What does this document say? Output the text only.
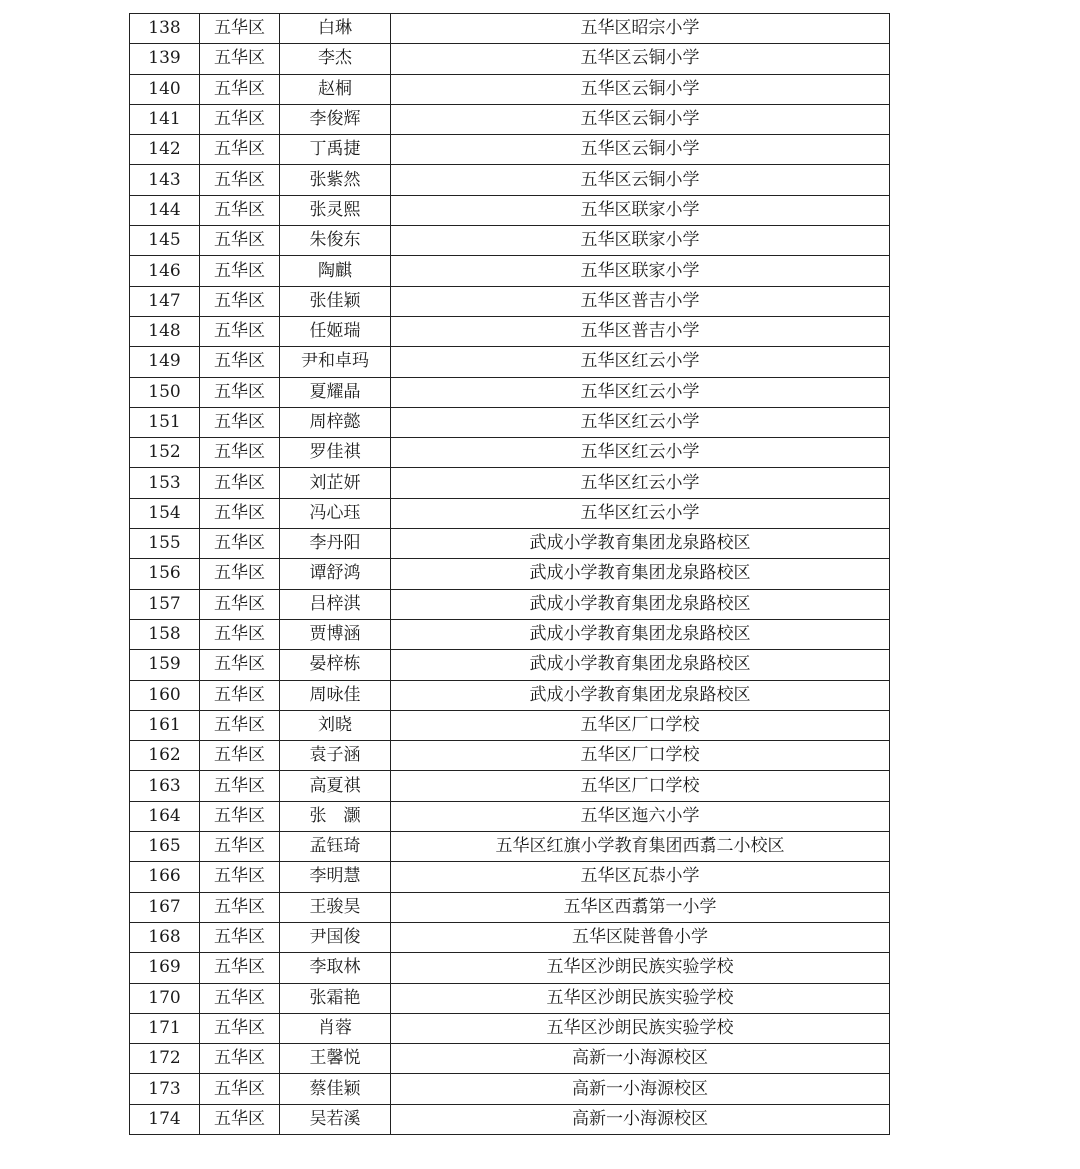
138	五华区	白琳	五华区昭宗小学
139	五华区	李杰	五华区云铜小学
140	五华区	赵桐	五华区云铜小学
141	五华区	李俊辉	五华区云铜小学
142	五华区	丁禹捷	五华区云铜小学
143	五华区	张紫然	五华区云铜小学
144	五华区	张灵熙	五华区联家小学
145	五华区	朱俊东	五华区联家小学
146	五华区	陶麒	五华区联家小学
147	五华区	张佳颖	五华区普吉小学
148	五华区	任姬瑞	五华区普吉小学
149	五华区	尹和卓玛	五华区红云小学
150	五华区	夏耀晶	五华区红云小学
151	五华区	周梓懿	五华区红云小学
152	五华区	罗佳祺	五华区红云小学
153	五华区	刘芷妍	五华区红云小学
154	五华区	冯心珏	五华区红云小学
155	五华区	李丹阳	武成小学教育集团龙泉路校区
156	五华区	谭舒鸿	武成小学教育集团龙泉路校区
157	五华区	吕梓淇	武成小学教育集团龙泉路校区
158	五华区	贾博涵	武成小学教育集团龙泉路校区
159	五华区	晏梓栋	武成小学教育集团龙泉路校区
160	五华区	周咏佳	武成小学教育集团龙泉路校区
161	五华区	刘晓	五华区厂口学校
162	五华区	袁子涵	五华区厂口学校
163	五华区	高夏祺	五华区厂口学校
164	五华区	张　灏	五华区迤六小学
165	五华区	孟钰琦	五华区红旗小学教育集团西翥二小校区
166	五华区	李明慧	五华区瓦恭小学
167	五华区	王骏昊	五华区西翥第一小学
168	五华区	尹国俊	五华区陡普鲁小学
169	五华区	李取林	五华区沙朗民族实验学校
170	五华区	张霜艳	五华区沙朗民族实验学校
171	五华区	肖蓉	五华区沙朗民族实验学校
172	五华区	王馨悦	高新一小海源校区
173	五华区	蔡佳颖	高新一小海源校区
174	五华区	吴若溪	高新一小海源校区
